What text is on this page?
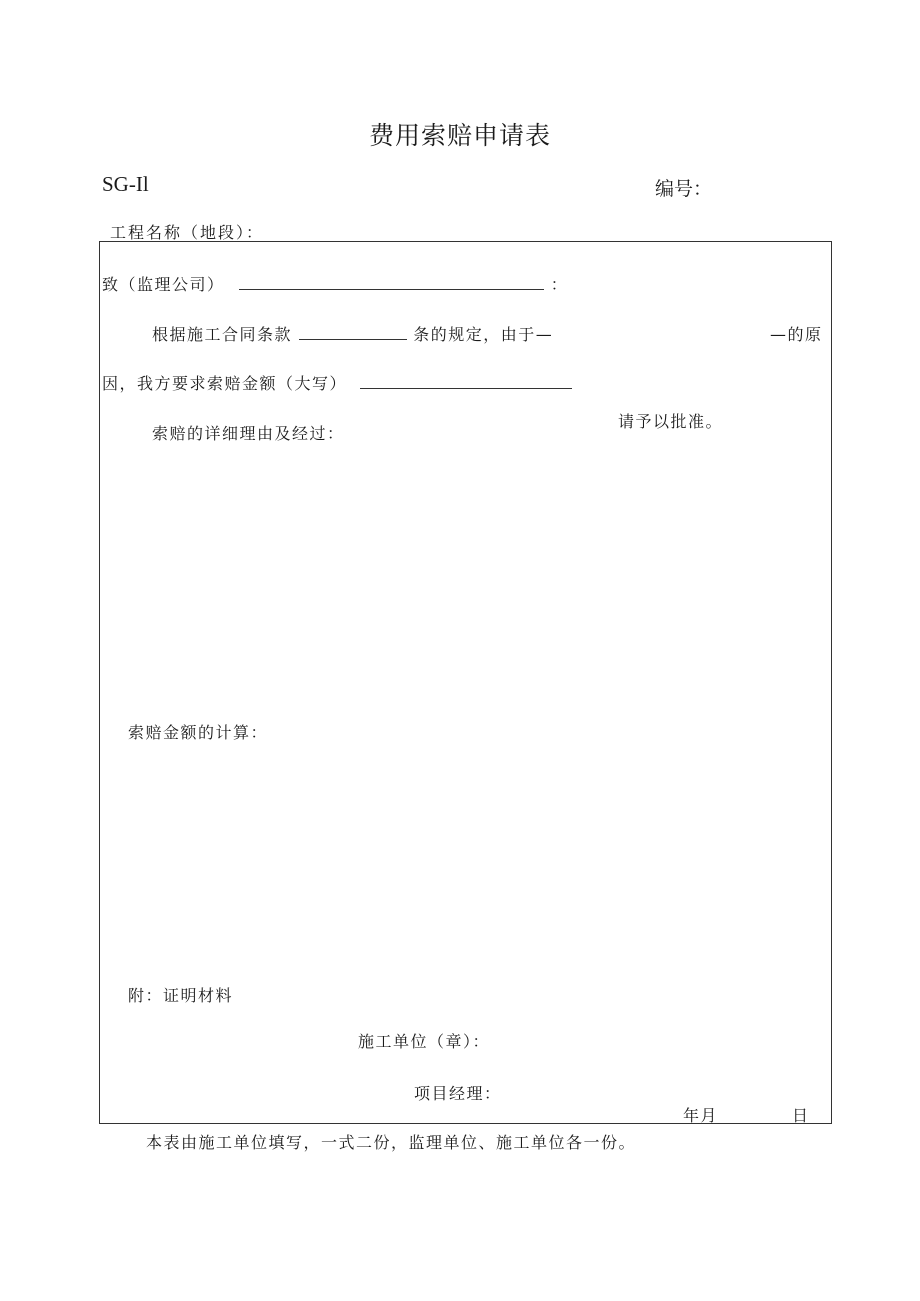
费用索赔申请表
SG-Il	编号：
工程名称（地段）：
致（监理公司）	：
根据施工合同条款	条的规定，由于—	—的原
因，我方要求索赔金额（大写）
请予以批准。
索赔的详细理由及经过：
索赔金额的计算：
附：证明材料
施工单位（章）：
项目经理：
年月	日
本表由施工单位填写，一式二份，监理单位、施工单位各一份。
